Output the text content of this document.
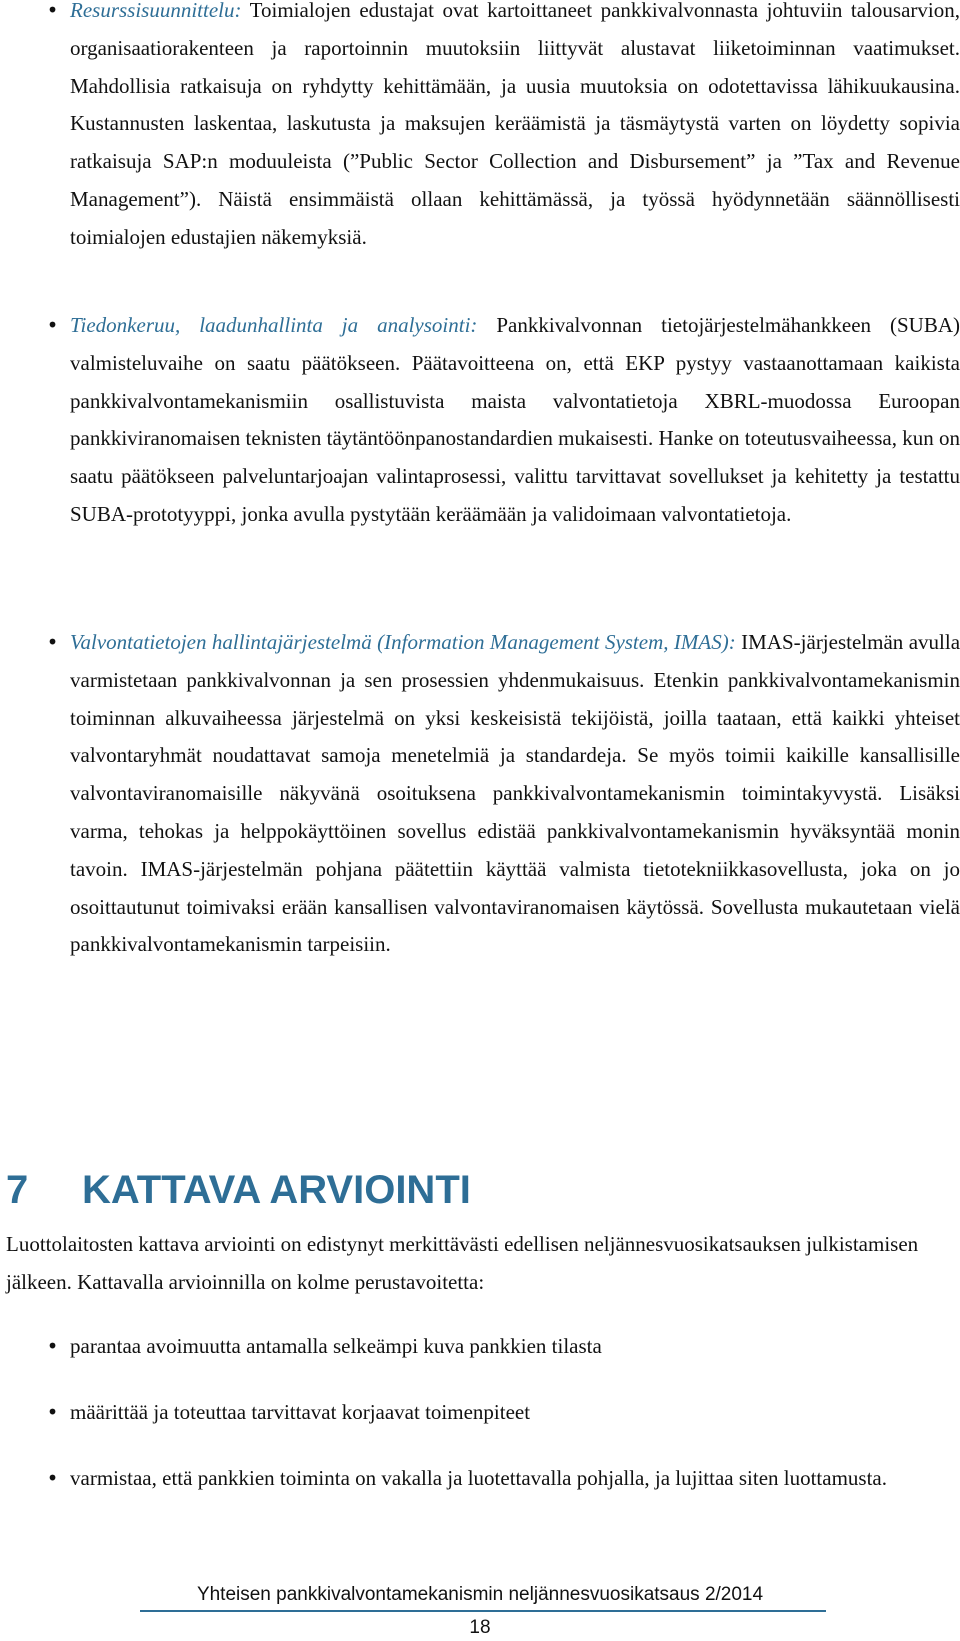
• Resurssisuunnittelu: Toimialojen edustajat ovat kartoittaneet pankkivalvonnasta johtuviin talousarvion, organisaatiorakenteen ja raportoinnin muutoksiin liittyvät alustavat liiketoiminnan vaatimukset. Mahdollisia ratkaisuja on ryhdytty kehittämään, ja uusia muutoksia on odotettavissa lähikuukausina. Kustannusten laskentaa, laskutusta ja maksujen keräämistä ja täsmäytystä varten on löydetty sopivia ratkaisuja SAP:n moduuleista (”Public Sector Collection and Disbursement” ja ”Tax and Revenue Management”). Näistä ensimmäistä ollaan kehittämässä, ja työssä hyödynnetään säännöllisesti toimialojen edustajien näkemyksiä.

• Tiedonkeruu, laadunhallinta ja analysointi: Pankkivalvonnan tietojärjestelmähankkeen (SUBA) valmisteluvaihe on saatu päätökseen. Päätavoitteena on, että EKP pystyy vastaanottamaan kaikista pankkivalvontamekanismiin osallistuvista maista valvontatietoja XBRL-muodossa Euroopan pankkiviranomaisen teknisten täytäntöönpanostandardien mukaisesti. Hanke on toteutusvaiheessa, kun on saatu päätökseen palveluntarjoajan valintaprosessi, valittu tarvittavat sovellukset ja kehitetty ja testattu SUBA-prototyyppi, jonka avulla pystytään keräämään ja validoimaan valvontatietoja.

• Valvontatietojen hallintajärjestelmä (Information Management System, IMAS): IMAS-järjestelmän avulla varmistetaan pankkivalvonnan ja sen prosessien yhdenmukaisuus. Etenkin pankkivalvontamekanismin toiminnan alkuvaiheessa järjestelmä on yksi keskeisistä tekijöistä, joilla taataan, että kaikki yhteiset valvontaryhmät noudattavat samoja menetelmiä ja standardeja. Se myös toimii kaikille kansallisille valvontaviranomaisille näkyvänä osoituksena pankkivalvontamekanismin toimintakyvystä. Lisäksi varma, tehokas ja helppokäyttöinen sovellus edistää pankkivalvontamekanismin hyväksyntää monin tavoin. IMAS-järjestelmän pohjana päätettiin käyttää valmista tietotekniikkasovellusta, joka on jo osoittautunut toimivaksi erään kansallisen valvontaviranomaisen käytössä. Sovellusta mukautetaan vielä pankkivalvontamekanismin tarpeisiin.

7 KATTAVA ARVIOINTI

Luottolaitosten kattava arviointi on edistynyt merkittävästi edellisen neljännesvuosikatsauksen julkistamisen jälkeen. Kattavalla arvioinnilla on kolme perustavoitetta:

• parantaa avoimuutta antamalla selkeämpi kuva pankkien tilasta

• määrittää ja toteuttaa tarvittavat korjaavat toimenpiteet

• varmistaa, että pankkien toiminta on vakalla ja luotettavalla pohjalla, ja lujittaa siten luottamusta.

Yhteisen pankkivalvontamekanismin neljännesvuosikatsaus 2/2014
18
